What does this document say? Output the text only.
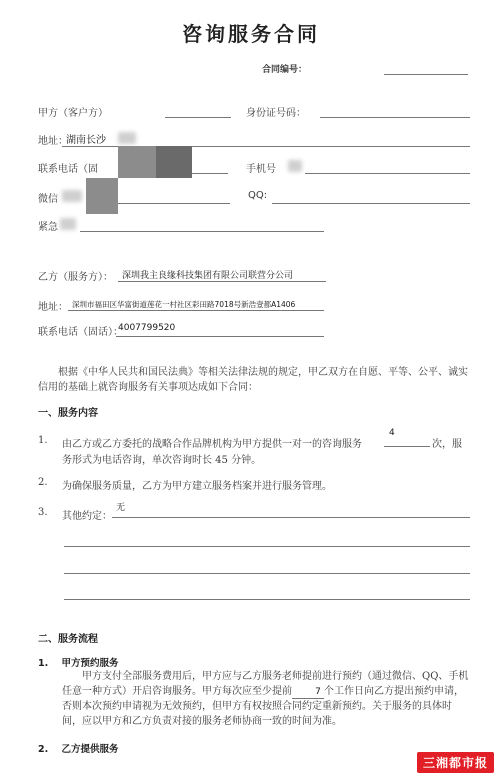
咨询服务合同
合同编号：
甲方（客户方）	身份证号码：
地址：
湖南长沙
联系电话（固	手机号
微信	QQ:
紧急
乙方（服务方）： 深圳我主良缘科技集团有限公司联营分公司
地址： 深圳市福田区华富街道莲花一村社区彩田路7018号新浩壹都A1406
联系电话（固话）：
4007799520
根据《中华人民共和国民法典》等相关法律法规的规定，甲乙双方在自愿、平等、公平、诚实信用的基础上就咨询服务有关事项达成如下合同：
一、服务内容
1. 由乙方或乙方委托的战略合作品牌机构为甲方提供一对一的咨询服务
4
次，服
务形式为电话咨询，单次咨询时长 45 分钟。
2. 为确保服务质量，乙方为甲方建立服务档案并进行服务管理。
3. 其他约定：
无
二、服务流程
1.    甲方预约服务
甲方支付全部服务费用后，甲方应与乙方服务老师提前进行预约（通过微信、QQ、手机任意一种方式）开启咨询服务。甲方每次应至少提前	7 个工作日向乙方提出预约申请，否则本次预约申请视为无效预约，但甲方有权按照合同约定重新预约。关于服务的具体时间，应以甲方和乙方负责对接的服务老师协商一致的时间为准。
2.    乙方提供服务
三湘都市报
